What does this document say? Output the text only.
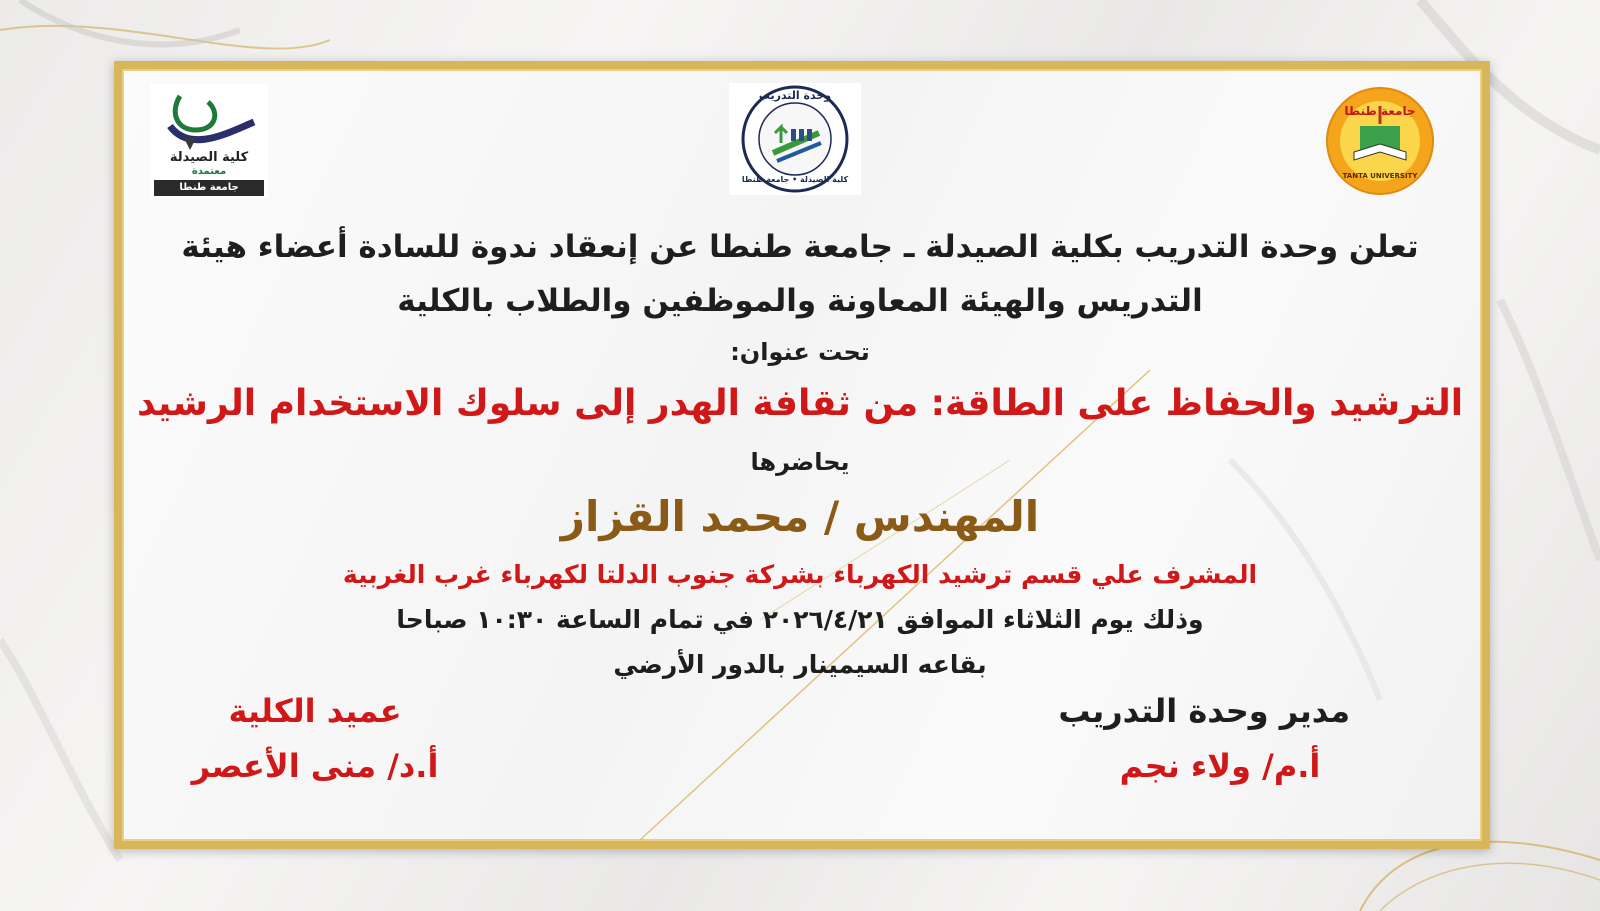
كلية الصيدلة
معتمدة
جامعة طنطا
وحدة التدريب
كلية الصيدلة • جامعة طنطا
جامعة طنطا
TANTA UNIVERSITY
تعلن وحدة التدريب بكلية الصيدلة ـ جامعة طنطا عن إنعقاد ندوة للسادة أعضاء هيئة
التدريس والهيئة المعاونة والموظفين والطلاب بالكلية
تحت عنوان:
الترشيد والحفاظ على الطاقة: من ثقافة الهدر إلى سلوك الاستخدام الرشيد
يحاضرها
المهندس / محمد القزاز
المشرف علي قسم ترشيد الكهرباء بشركة جنوب الدلتا لكهرباء غرب الغربية
وذلك يوم الثلاثاء الموافق ٢٠٢٦/٤/٢١ في تمام الساعة ١٠:٣٠ صباحا
بقاعه السيمينار بالدور الأرضي
مدير وحدة التدريب
أ.م/ ولاء نجم
عميد الكلية
أ.د/ منى الأعصر
